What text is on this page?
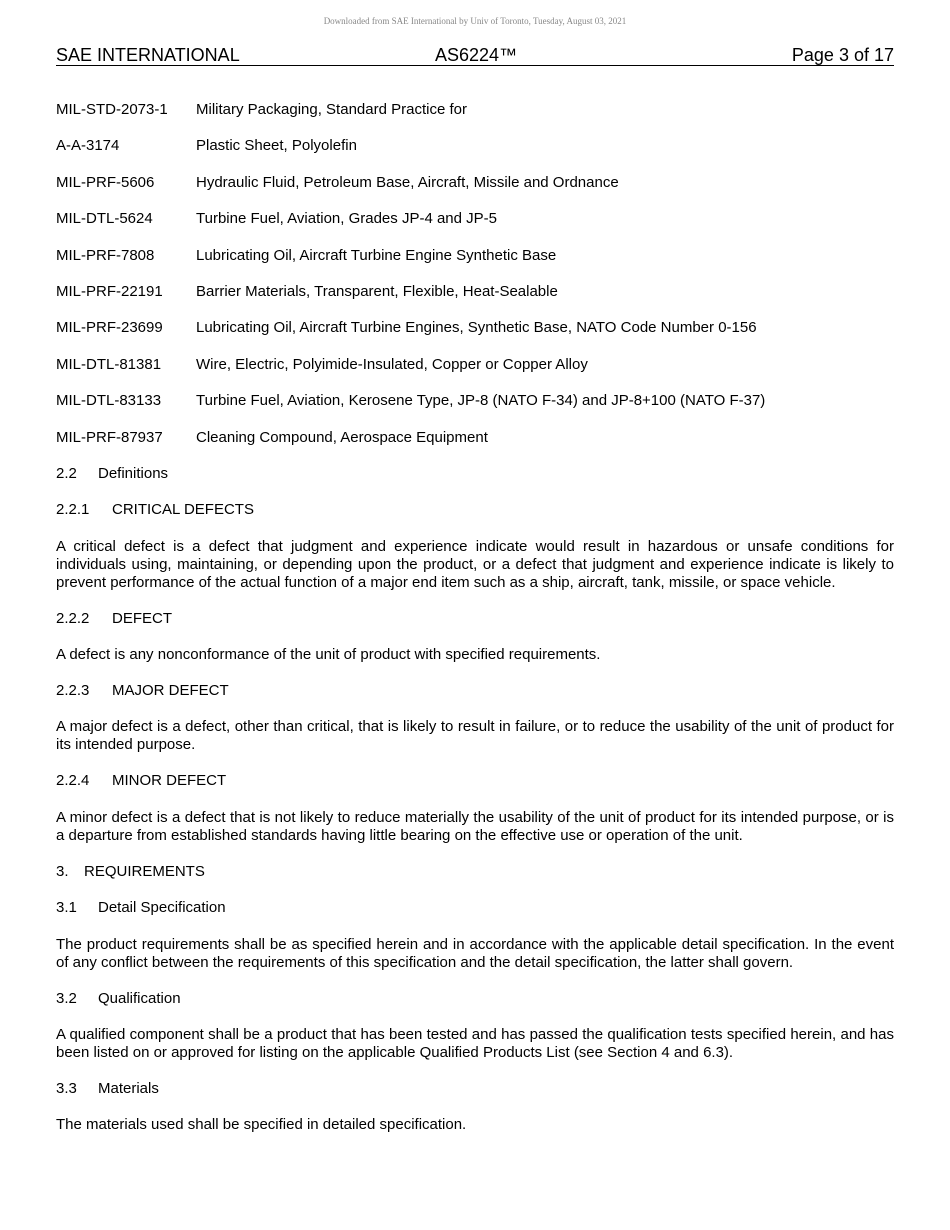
Downloaded from SAE International by Univ of Toronto, Tuesday, August 03, 2021
SAE INTERNATIONAL	AS6224™	Page 3 of 17
MIL-STD-2073-1 Military Packaging, Standard Practice for
A-A-3174	Plastic Sheet, Polyolefin
MIL-PRF-5606	Hydraulic Fluid, Petroleum Base, Aircraft, Missile and Ordnance
MIL-DTL-5624	Turbine Fuel, Aviation, Grades JP-4 and JP-5
MIL-PRF-7808	Lubricating Oil, Aircraft Turbine Engine Synthetic Base
MIL-PRF-22191 Barrier Materials, Transparent, Flexible, Heat-Sealable
MIL-PRF-23699 Lubricating Oil, Aircraft Turbine Engines, Synthetic Base, NATO Code Number 0-156
MIL-DTL-81381 Wire, Electric, Polyimide-Insulated, Copper or Copper Alloy
MIL-DTL-83133 Turbine Fuel, Aviation, Kerosene Type, JP-8 (NATO F-34) and JP-8+100 (NATO F-37)
MIL-PRF-87937 Cleaning Compound, Aerospace Equipment
2.2 Definitions
2.2.1 CRITICAL DEFECTS

A critical defect is a defect that judgment and experience indicate would result in hazardous or unsafe conditions for individuals using, maintaining, or depending upon the product, or a defect that judgment and experience indicate is likely to prevent performance of the actual function of a major end item such as a ship, aircraft, tank, missile, or space vehicle.

2.2.2 DEFECT

A defect is any nonconformance of the unit of product with specified requirements.

2.2.3 MAJOR DEFECT

A major defect is a defect, other than critical, that is likely to result in failure, or to reduce the usability of the unit of product for its intended purpose.

2.2.4 MINOR DEFECT

A minor defect is a defect that is not likely to reduce materially the usability of the unit of product for its intended purpose, or is a departure from established standards having little bearing on the effective use or operation of the unit.

3. REQUIREMENTS
3.1 Detail Specification

The product requirements shall be as specified herein and in accordance with the applicable detail specification. In the event of any conflict between the requirements of this specification and the detail specification, the latter shall govern.

3.2 Qualification

A qualified component shall be a product that has been tested and has passed the qualification tests specified herein, and has been listed on or approved for listing on the applicable Qualified Products List (see Section 4 and 6.3).

3.3 Materials

The materials used shall be specified in detailed specification.
